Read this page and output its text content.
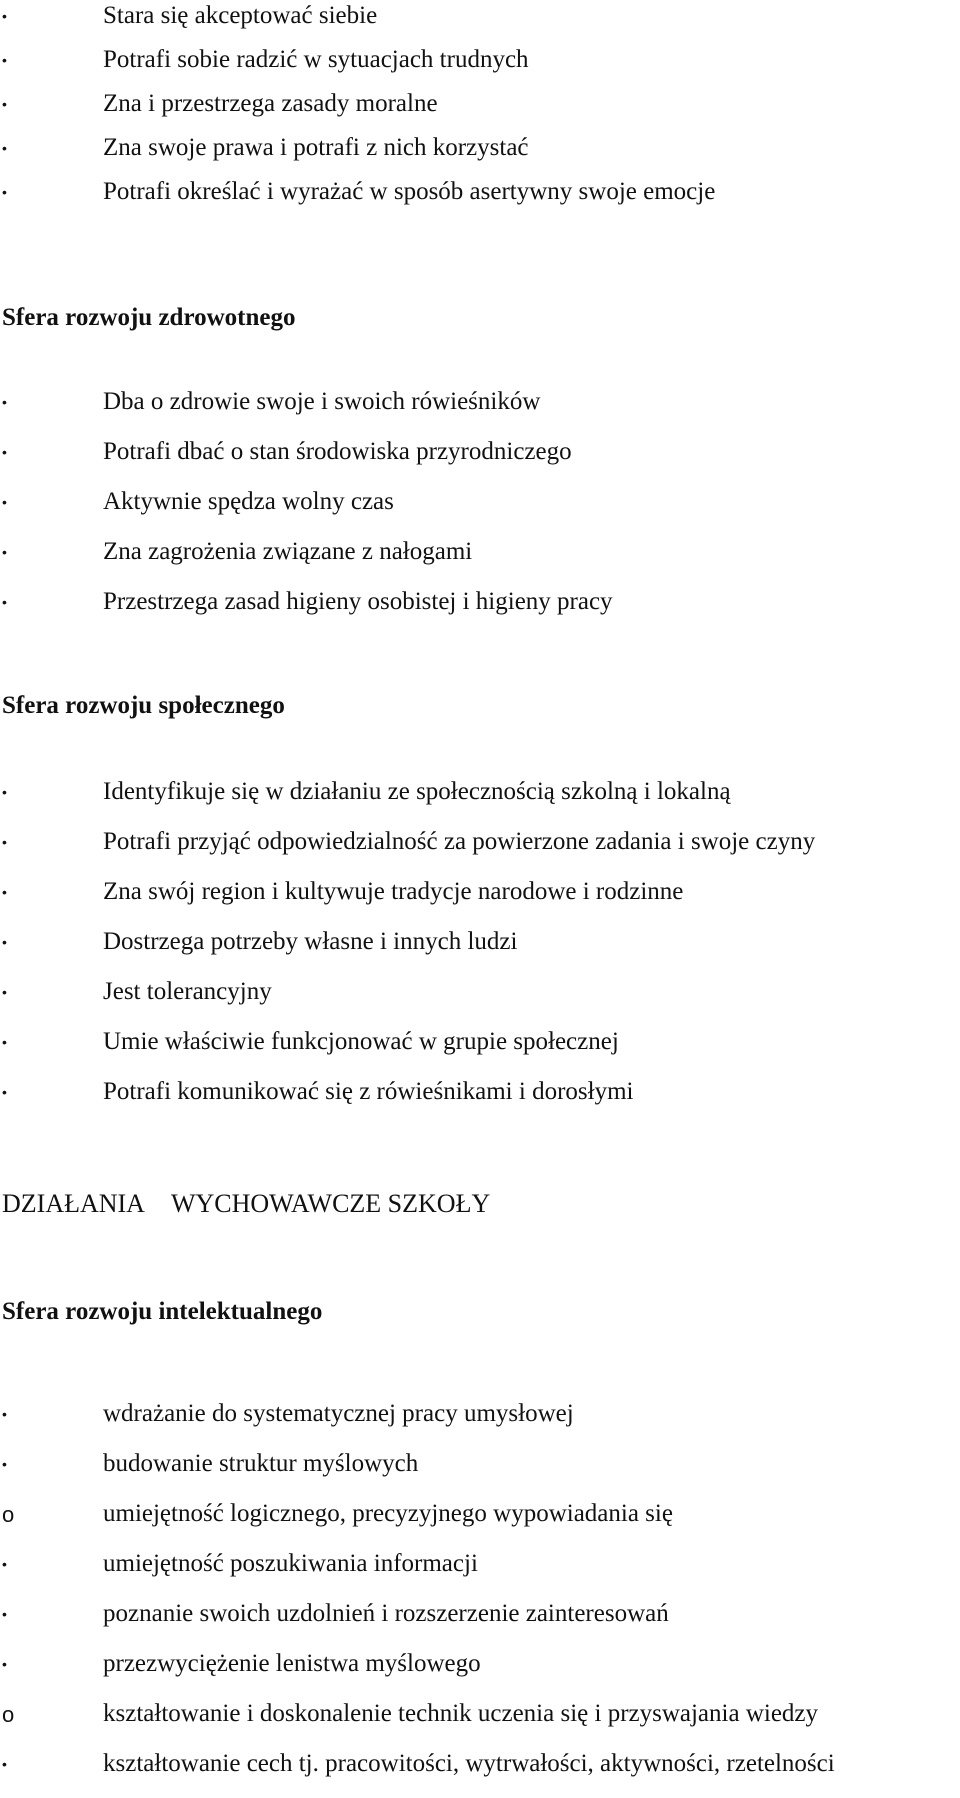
•	Stara się akceptować siebie
•	Potrafi sobie radzić w sytuacjach trudnych
•	Zna i przestrzega zasady moralne
•	Zna swoje prawa i potrafi z nich korzystać
•	Potrafi określać i wyrażać w sposób asertywny swoje emocje
Sfera rozwoju zdrowotnego
•	Dba o zdrowie swoje i swoich rówieśników
•	Potrafi dbać o stan środowiska przyrodniczego
•	Aktywnie spędza wolny czas
•	Zna zagrożenia związane z nałogami
•	Przestrzega zasad higieny osobistej i higieny pracy
Sfera rozwoju społecznego
•	Identyfikuje się w działaniu ze społecznością szkolną i lokalną
•	Potrafi przyjąć odpowiedzialność za powierzone zadania i swoje czyny
•	Zna swój region i kultywuje tradycje narodowe i rodzinne
•	Dostrzega potrzeby własne i innych ludzi
•	Jest tolerancyjny
•	Umie właściwie funkcjonować w grupie społecznej
•	Potrafi komunikować się z rówieśnikami i dorosłymi
DZIAŁANIA WYCHOWAWCZE SZKOŁY
Sfera rozwoju intelektualnego
•	wdrażanie do systematycznej pracy umysłowej
•	budowanie struktur myślowych
o	umiejętność logicznego, precyzyjnego wypowiadania się
•	umiejętność poszukiwania informacji
•	poznanie swoich uzdolnień i rozszerzenie zainteresowań
•	przezwyciężenie lenistwa myślowego
o	kształtowanie i doskonalenie technik uczenia się i przyswajania wiedzy
•	kształtowanie cech tj. pracowitości, wytrwałości, aktywności, rzetelności
